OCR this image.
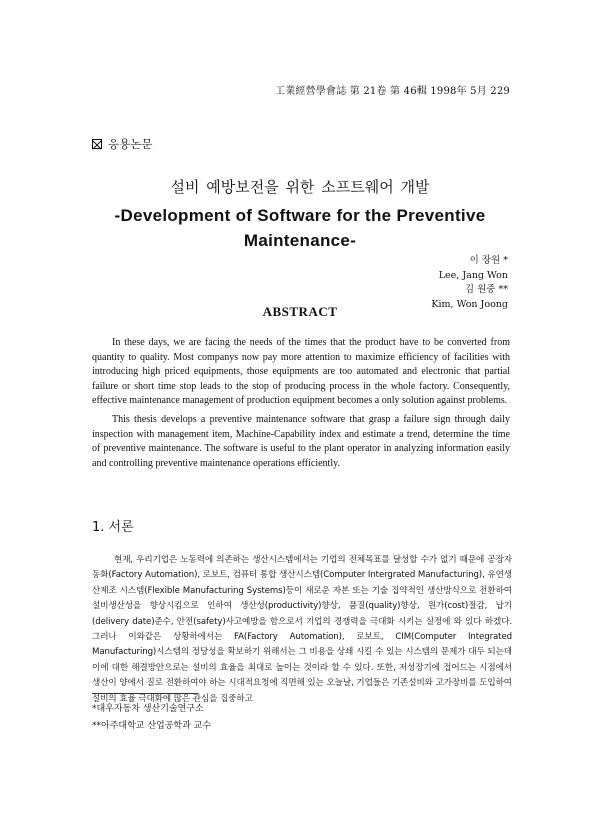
工業經營學會誌 第 21卷 第 46輯 1998年 5月 229
응용논문
설비 예방보전을 위한 소프트웨어 개발
-Development of Software for the Preventive
Maintenance-
이 장원 *
Lee, Jang Won
김 원중 **
Kim, Won Joong
ABSTRACT

In these days, we are facing the needs of the times that the product have to be converted from quantity to quality. Most companys now pay more attention to maximize efficiency of facilities with introducing high priced equipments, those equipments are too automated and electronic that partial failure or short time stop leads to the stop of producing process in the whole factory. Consequently, effective maintenance management of production equipment becomes a only solution against problems.

This thesis develops a preventive maintenance software that grasp a failure sign through daily inspection with management item, Machine-Capability index and estimate a trend, determine the time of preventive maintenance. The software is useful to the plant operator in analyzing information easily and controlling preventive maintenance operations efficiently.

1. 서론

현재, 우리기업은 노동력에 의존하는 생산시스템에서는 기업의 전체목표를 달성할 수가 없기 때문에 공장자동화(Factory Automation), 로보트, 컴퓨터 통합 생산시스템(Computer Intergrated Manufacturing), 유연생산제조 시스템(Flexible Manufacturing Systems)등이 새로운 자본 또는 기술 집약적인 생산방식으로 전환하여 설비생산성을 향상시킴으로 인하여 생산성(productivity)향상, 품질(quality)향상, 원가(cost)절감, 납기(delivery date)준수, 안전(safety)사고예방을 함으로서 기업의 경쟁력을 극대화 시키는 실정에 와 있다 하겠다. 그러나 이와같은 상황하에서는 FA(Factory Automation), 로보트, CIM(Computer Integrated Manufacturing)시스템의 정당성을 확보하기 위해서는 그 비용을 상쇄 시킬 수 있는 시스템의 문제가 대두 되는데 이에 대한 해결방안으로는 설비의 효율을 최대로 높이는 것이라 할 수 있다. 또한, 저성장기에 접어드는 시점에서 생산이 양에서 질로 전환하여야 하는 시대적요청에 직면해 있는 오늘날, 기업들은 기존설비와 고가장비를 도입하여 설비의 효율 극대화에 많은 관심을 집중하고

*대우자동차 생산기술연구소
**아주대학교 산업공학과 교수
